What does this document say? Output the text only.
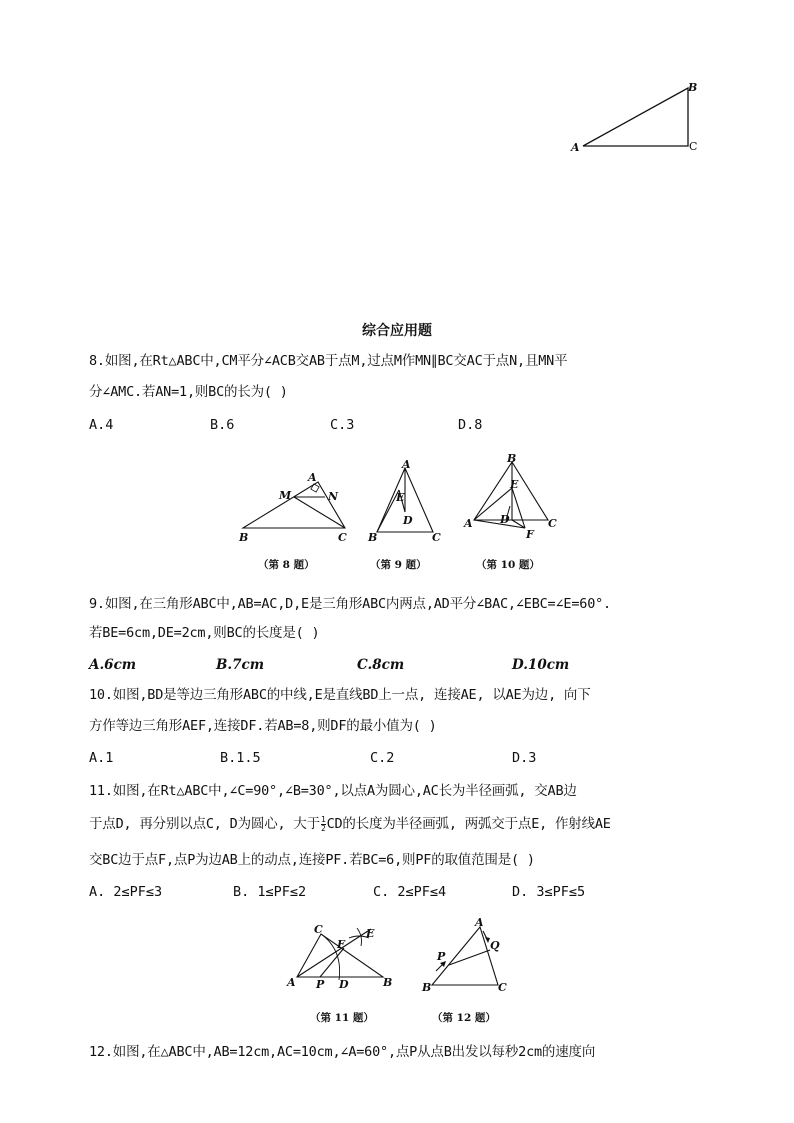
A
B
C
综合应用题
8.如图,在Rt△ABC中,CM平分∠ACB交AB于点M,过点M作MN∥BC交AC于点N,且MN平
分∠AMC.若AN=1,则BC的长为( )
A.4	B.6	C.3	D.8
A
M	N
B	C
（第 8 题）
A
E
D
B	C
（第 9 题）
B
E
A D	C
F
（第 10 题）
9.如图,在三角形ABC中,AB=AC,D,E是三角形ABC内两点,AD平分∠BAC,∠EBC=∠E=60°.
若BE=6cm,DE=2cm,则BC的长度是( )
A.6cm	B.7cm	C.8cm	D.10cm
10.如图,BD是等边三角形ABC的中线,E是直线BD上一点, 连接AE, 以AE为边, 向下
方作等边三角形AEF,连接DF.若AB=8,则DF的最小值为( )
A.1	B.1.5	C.2	D.3
11.如图,在Rt△ABC中,∠C=90°,∠B=30°,以点A为圆心,AC长为半径画弧, 交AB边
于点D, 再分别以点C, D为圆心, 大于 $\frac{1}{2}$ CD的长度为半径画弧, 两弧交于点E, 作射线AE
交BC边于点F,点P为边AB上的动点,连接PF.若BC=6,则PF的取值范围是( )
A. 2≤PF≤3	B. 1≤PF≤2	C. 2≤PF≤4	D. 3≤PF≤5
C
F
E
A P D	B
（第 11 题）
A
Q
P
B	C
（第 12 题）
12.如图,在△ABC中,AB=12cm,AC=10cm,∠A=60°,点P从点B出发以每秒2cm的速度向
